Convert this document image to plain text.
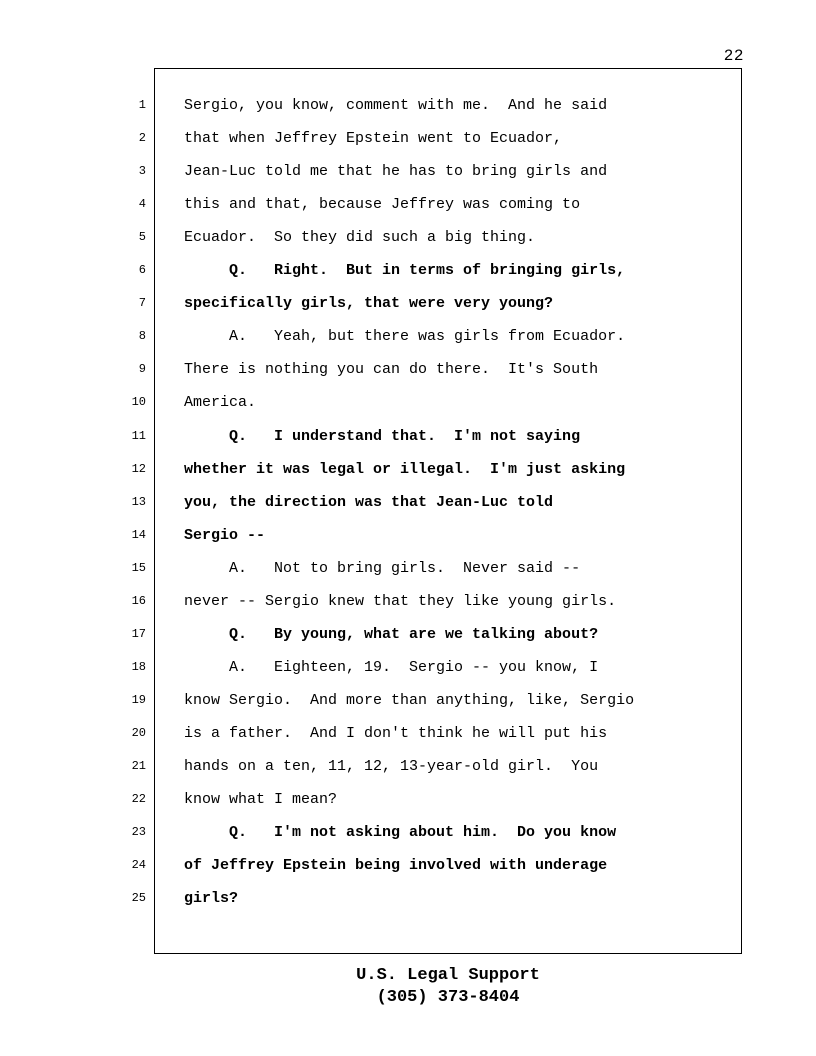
22
1	Sergio, you know, comment with me.  And he said
2	that when Jeffrey Epstein went to Ecuador,
3	Jean-Luc told me that he has to bring girls and
4	this and that, because Jeffrey was coming to
5	Ecuador.  So they did such a big thing.
6	Q.   Right.  But in terms of bringing girls,
7	specifically girls, that were very young?
8	A.   Yeah, but there was girls from Ecuador.
9	There is nothing you can do there.  It's South
10	America.
11	Q.   I understand that.  I'm not saying
12	whether it was legal or illegal.  I'm just asking
13	you, the direction was that Jean-Luc told
14	Sergio --
15	A.   Not to bring girls.  Never said --
16	never -- Sergio knew that they like young girls.
17	Q.   By young, what are we talking about?
18	A.   Eighteen, 19.  Sergio -- you know, I
19	know Sergio.  And more than anything, like, Sergio
20	is a father.  And I don't think he will put his
21	hands on a ten, 11, 12, 13-year-old girl.  You
22	know what I mean?
23	Q.   I'm not asking about him.  Do you know
24	of Jeffrey Epstein being involved with underage
25	girls?
U.S. Legal Support
(305) 373-8404
